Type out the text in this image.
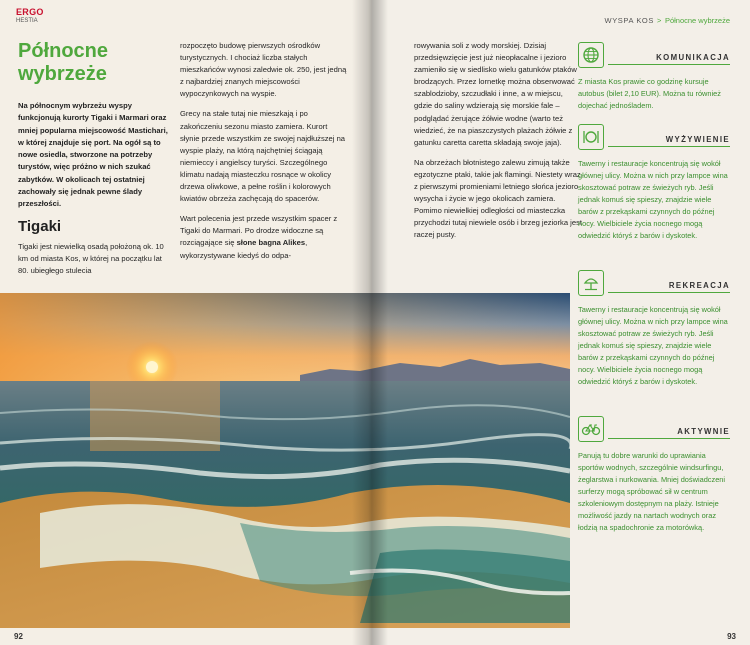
ERGO
HESTIA
Północne wybrzeże

Na północnym wybrzeżu wyspy funkcjonują kurorty Tigaki i Marmari oraz mniej popularna miejscowość Mastichari, w której znajduje się port. Na ogół są to nowe osiedla, stworzone na potrzeby turystów, więc próżno w nich szukać zabytków. W okolicach tej ostatniej zachowały się jednak pewne ślady przeszłości.

Tigaki

Tigaki jest niewielką osadą położoną ok. 10 km od miasta Kos, w której na początku lat 80. ubiegłego stulecia

rozpoczęto budowę pierwszych ośrodków turystycznych. I chociaż liczba stałych mieszkańców wynosi zaledwie ok. 250, jest jedną z najbardziej znanych miejscowości wypoczynkowych na wyspie.

Grecy na stałe tutaj nie mieszkają i po zakończeniu sezonu miasto zamiera. Kurort słynie przede wszystkim ze swojej najdłuższej na wyspie plaży, na którą najchętniej ściągają niemieccy i angielscy turyści. Szczególnego klimatu nadają miasteczku rosnące w okolicy drzewa oliwkowe, a pełne roślin i kolorowych kwiatów obrzeża zachęcają do spacerów.

Wart polecenia jest przede wszystkim spacer z Tigaki do Marmari. Po drodze widoczne są rozciągające się słone bagna Alikes, wykorzystywane kiedyś do odpa-

92
WYSPA KOS > Północne wybrzeże

rowywania soli z wody morskiej. Dzisiaj przedsięwzięcie jest już nieopłacalne i jezioro zamieniło się w siedlisko wielu gatunków ptaków brodzących. Przez lornetkę można obserwować szablodzioby, szczudłaki i inne, a w miejscu, gdzie do saliny wdzierają się morskie fale – podglądać żerujące żółwie wodne (warto też wiedzieć, że na piaszczystych plażach żółwie z gatunku caretta caretta składają swoje jaja).

Na obrzeżach błotnistego zalewu zimują także egzotyczne ptaki, takie jak flamingi. Niestety wraz z pierwszymi promieniami letniego słońca jezioro wysycha i życie w jego okolicach zamiera. Pomimo niewielkiej odległości od miasteczka przychodzi tutaj niewiele osób i brzeg jeziorka jest raczej pusty.

KOMUNIKACJA

Z miasta Kos prawie co godzinę kursuje autobus (bilet 2,10 EUR). Można tu również dojechać jednośladem.

WYŻYWIENIE

Tawerny i restauracje koncentrują się wokół głównej ulicy. Można w nich przy lampce wina skosztować potraw ze świeżych ryb. Jeśli jednak komuś się spieszy, znajdzie wiele barów z przekąskami czynnych do późnej nocy. Wielbiciele życia nocnego mogą odwiedzić któryś z barów i dyskotek.

REKREACJA

Tawerny i restauracje koncentrują się wokół głównej ulicy. Można w nich przy lampce wina skosztować potraw ze świeżych ryb. Jeśli jednak komuś się spieszy, znajdzie wiele barów z przekąskami czynnych do późnej nocy. Wielbiciele życia nocnego mogą odwiedzić któryś z barów i dyskotek.

AKTYWNIE

Panują tu dobre warunki do uprawiania sportów wodnych, szczególnie windsurfingu, żeglarstwa i nurkowania. Mniej doświadczeni surferzy mogą spróbować sił w centrum szkoleniowym dostępnym na plaży. Istnieje możliwość jazdy na nartach wodnych oraz łodzią na spadochronie za motorówką.

93
